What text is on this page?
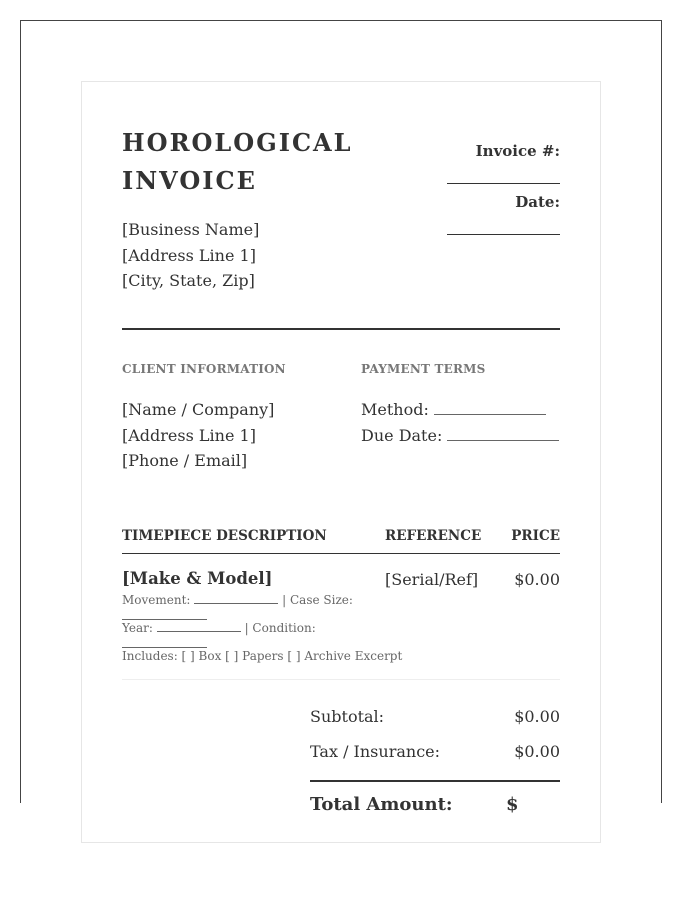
HOROLOGICAL
INVOICE
Invoice #:
Date:
[Business Name]
[Address Line 1]
[City, State, Zip]
CLIENT INFORMATION
[Name / Company]
[Address Line 1]
[Phone / Email]
PAYMENT TERMS
Method:
Due Date:
TIMEPIECE DESCRIPTION	REFERENCE PRICE
[Make & Model]	[Serial/Ref] $0.00
Movement:	| Case Size:
Year:	| Condition:
Includes: [ ] Box [ ] Papers [ ] Archive Excerpt
Subtotal:	$0.00
Tax / Insurance:	$0.00
Total Amount:	$
